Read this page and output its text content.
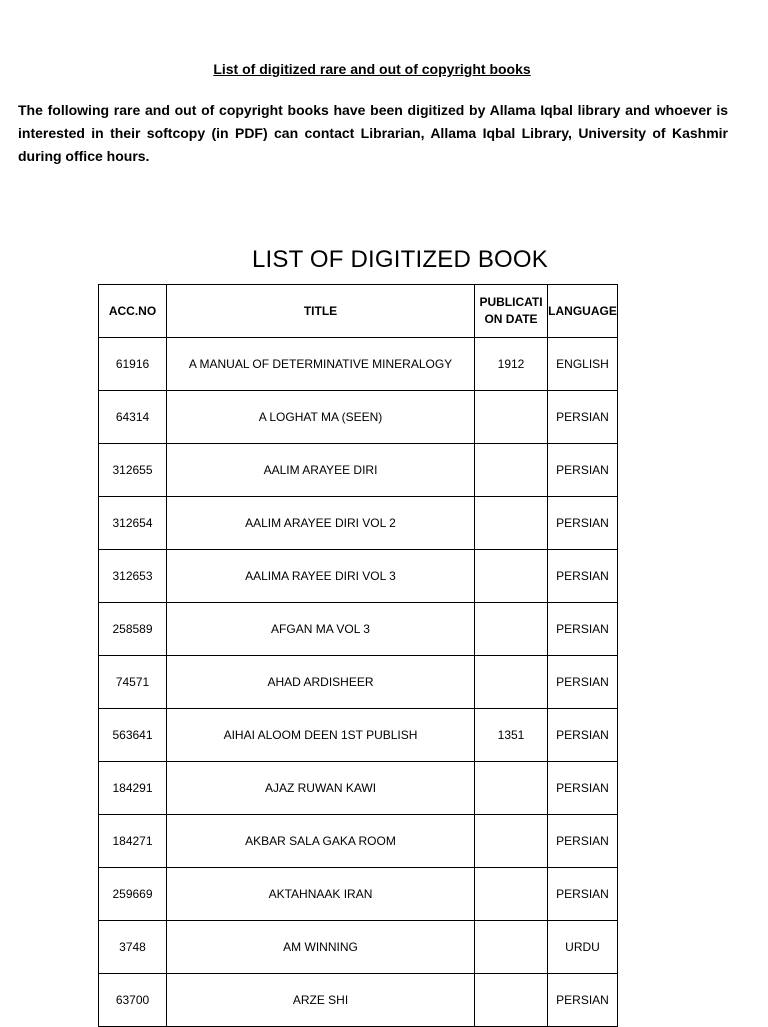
List of digitized rare and out of copyright books

The following rare and out of copyright books have been digitized by Allama Iqbal library and whoever is interested in their softcopy (in PDF) can contact Librarian, Allama Iqbal Library, University of Kashmir during office hours.

LIST OF DIGITIZED BOOK
ACC.NO	TITLE	PUBLICATION DATE	LANGUAGE
61916	A MANUAL OF DETERMINATIVE MINERALOGY	1912	ENGLISH
64314	A LOGHAT MA (SEEN)		PERSIAN
312655	AALIM ARAYEE DIRI		PERSIAN
312654	AALIM ARAYEE DIRI VOL 2		PERSIAN
312653	AALIMA RAYEE DIRI VOL 3		PERSIAN
258589	AFGAN MA VOL 3		PERSIAN
74571	AHAD ARDISHEER		PERSIAN
563641	AIHAI ALOOM DEEN 1ST PUBLISH	1351	PERSIAN
184291	AJAZ RUWAN KAWI		PERSIAN
184271	AKBAR SALA GAKA ROOM		PERSIAN
259669	AKTAHNAAK IRAN		PERSIAN
3748	AM WINNING		URDU
63700	ARZE SHI		PERSIAN
